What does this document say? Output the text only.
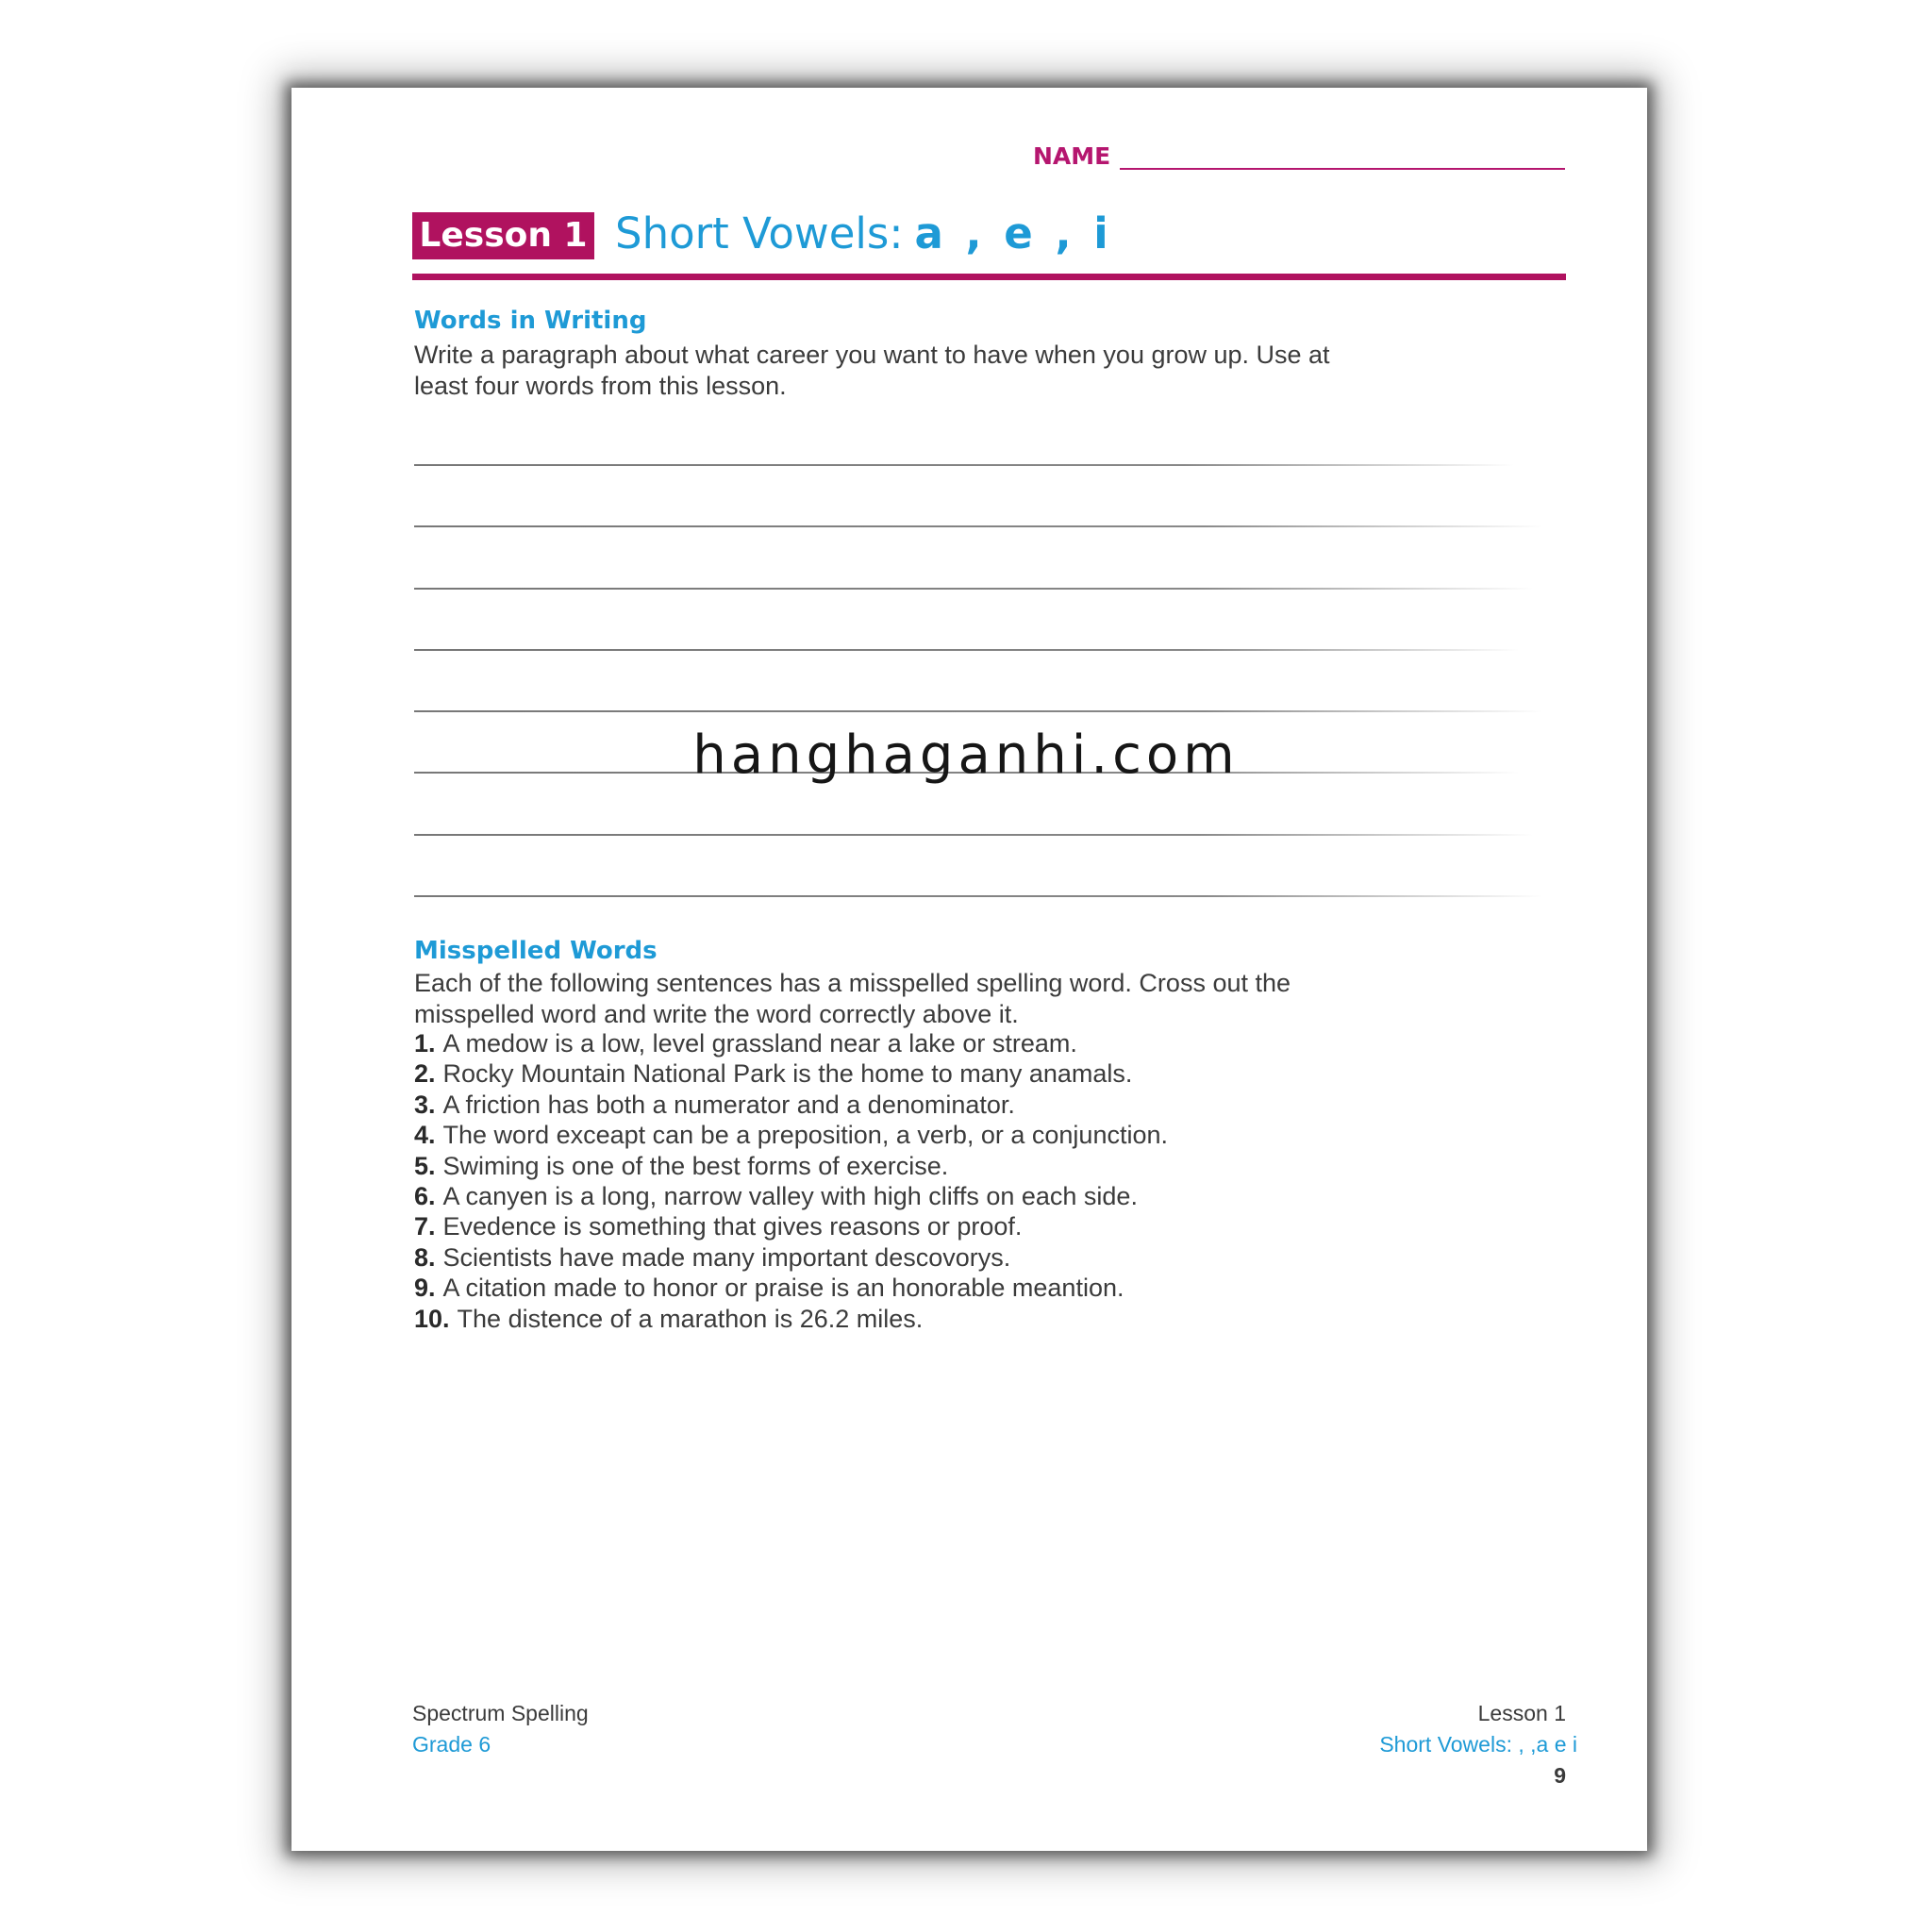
NAME
Lesson 1 Short Vowels: a , e , i
Words in Writing
Write a paragraph about what career you want to have when you grow up. Use at
least four words from this lesson.
Misspelled Words
Each of the following sentences has a misspelled spelling word. Cross out the
misspelled word and write the word correctly above it.
1. A medow is a low, level grassland near a lake or stream.
2. Rocky Mountain National Park is the home to many anamals.
3. A friction has both a numerator and a denominator.
4. The word exceapt can be a preposition, a verb, or a conjunction.
5. Swiming is one of the best forms of exercise.
6. A canyen is a long, narrow valley with high cliffs on each side.
7. Evedence is something that gives reasons or proof.
8. Scientists have made many important descovorys.
9. A citation made to honor or praise is an honorable meantion.
10. The distence of a marathon is 26.2 miles.
hanghaganhi.com
Spectrum Spelling
Grade 6
Lesson 1
Short Vowels: , ,a e i
9
